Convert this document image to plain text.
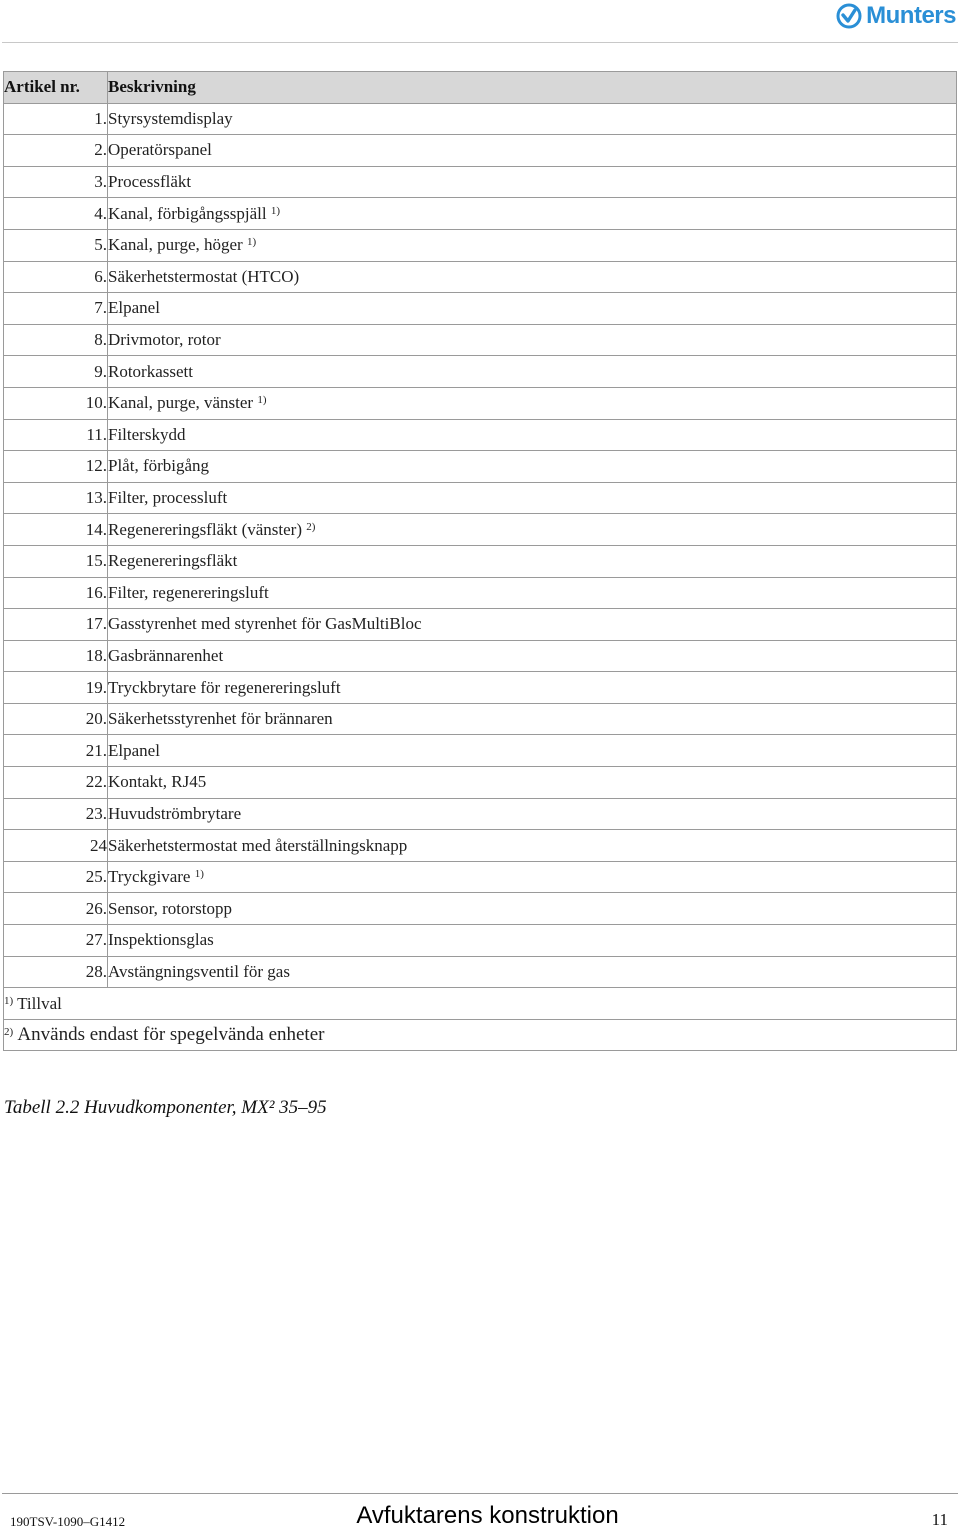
Munters
Artikel nr.	Beskrivning
1.	Styrsystemdisplay
2.	Operatörspanel
3.	Processfläkt
4.	Kanal, förbigångsspjäll $^{1)}$
5.	Kanal, purge, höger $^{1)}$
6.	Säkerhetstermostat (HTCO)
7.	Elpanel
8.	Drivmotor, rotor
9.	Rotorkassett
10.	Kanal, purge, vänster $^{1)}$
11.	Filterskydd
12.	Plåt, förbigång
13.	Filter, processluft
14.	Regenereringsfläkt (vänster) $^{2)}$
15.	Regenereringsfläkt
16.	Filter, regenereringsluft
17.	Gasstyrenhet med styrenhet för GasMultiBloc
18.	Gasbrännarenhet
19.	Tryckbrytare för regenereringsluft
20.	Säkerhetsstyrenhet för brännaren
21.	Elpanel
22.	Kontakt, RJ45
23.	Huvudströmbrytare
24	Säkerhetstermostat med återställningsknapp
25.	Tryckgivare $^{1)}$
26.	Sensor, rotorstopp
27.	Inspektionsglas
28.	Avstängningsventil för gas
$^{1)}$ Tillval	
$^{2)}$ Används endast för spegelvända enheter	
Tabell 2.2 Huvudkomponenter, MX² 35–95
190TSV-1090–G1412	Avfuktarens konstruktion	11
